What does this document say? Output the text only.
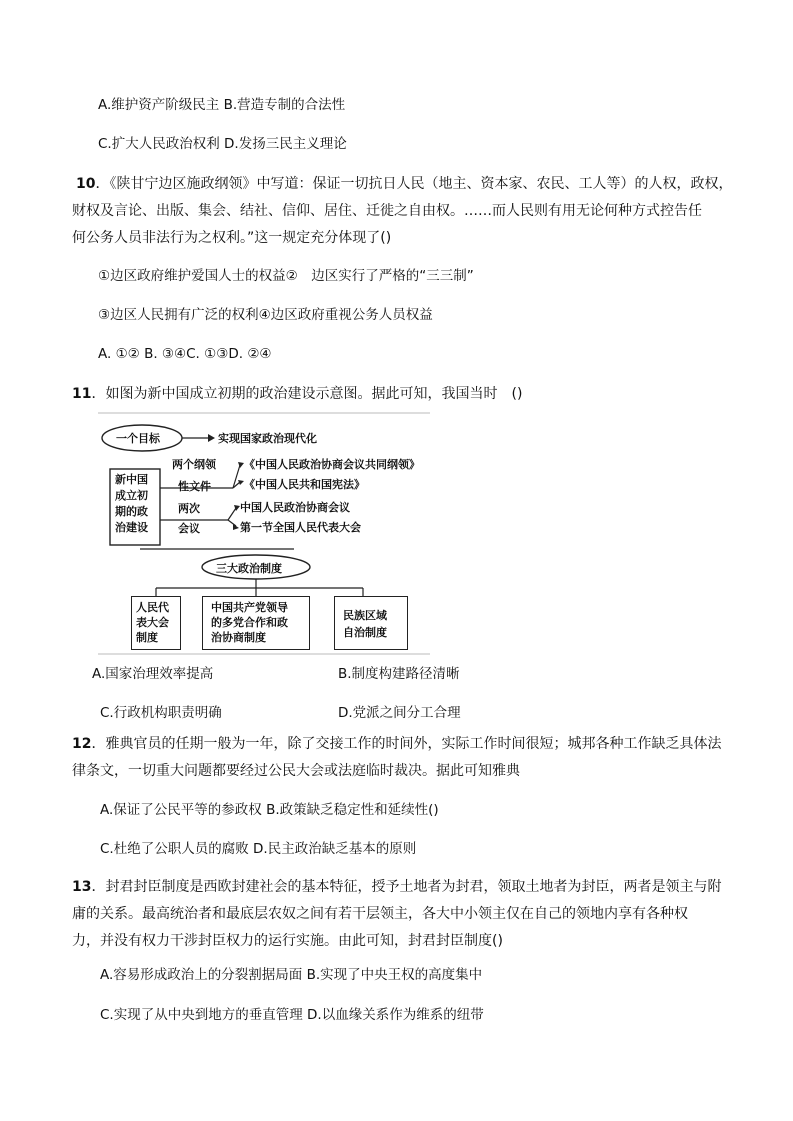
A.维护资产阶级民主 B.营造专制的合法性
C.扩大人民政治权利 D.发扬三民主义理论
10．《陕甘宁边区施政纲领》中写道：保证一切抗日人民（地主、资本家、农民、工人等）的人权，政权，
财权及言论、出版、集会、结社、信仰、居住、迁徙之自由权。……而人民则有用无论何种方式控告任
何公务人员非法行为之权利。”这一规定充分体现了()
①边区政府维护爱国人士的权益②　边区实行了严格的“三三制”
③边区人民拥有广泛的权利④边区政府重视公务人员权益
A. ①② B. ③④C. ①③D. ②④
11．如图为新中国成立初期的政治建设示意图。据此可知，我国当时　()
一个目标	实现国家政治现代化
新中国
成立初
期的政
治建设
两个纲领
性文件
《中国人民政治协商会议共同纲领》
《中国人民共和国宪法》
两次
会议
中国人民政治协商会议
第一节全国人民代表大会
三大政治制度
人民代
表大会
制度
中国共产党领导
的多党合作和政
治协商制度
民族区域
自治制度
A.国家治理效率提高	B.制度构建路径清晰
C.行政机构职责明确	D.党派之间分工合理
12．雅典官员的任期一般为一年，除了交接工作的时间外，实际工作时间很短；城邦各种工作缺乏具体法
律条文，一切重大问题都要经过公民大会或法庭临时裁决。据此可知雅典
A.保证了公民平等的参政权 B.政策缺乏稳定性和延续性()
C.杜绝了公职人员的腐败 D.民主政治缺乏基本的原则
13．封君封臣制度是西欧封建社会的基本特征，授予土地者为封君，领取土地者为封臣，两者是领主与附
庸的关系。最高统治者和最底层农奴之间有若干层领主，各大中小领主仅在自己的领地内享有各种权
力，并没有权力干涉封臣权力的运行实施。由此可知，封君封臣制度()
A.容易形成政治上的分裂割据局面 B.实现了中央王权的高度集中
C.实现了从中央到地方的垂直管理 D.以血缘关系作为维系的纽带
